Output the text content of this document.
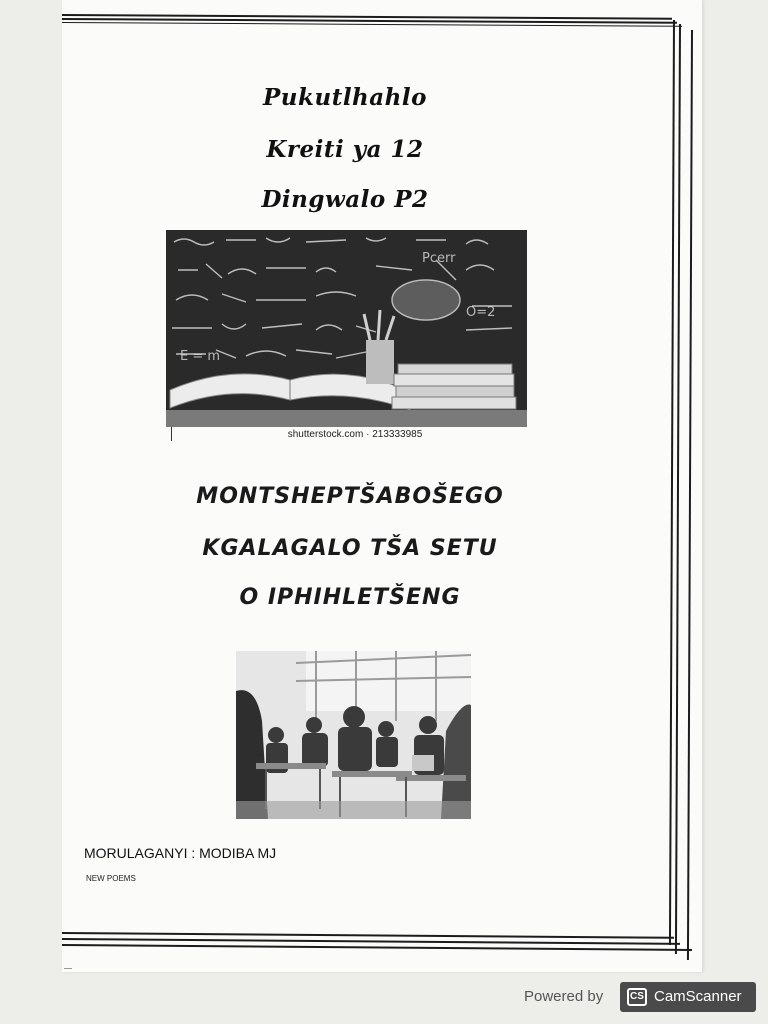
Pukutlhahlo
Kreiti ya 12
Dingwalo P2
E = m
Pcerr
O=2
shutterstock.com · 213333985
MONTSHEPTŠABOŠEGO
KGALAGALO TŠA SETU
O IPHIHLETŠENG
MORULAGANYI : MODIBA MJ
NEW POEMS
Powered by	CS CamScanner
